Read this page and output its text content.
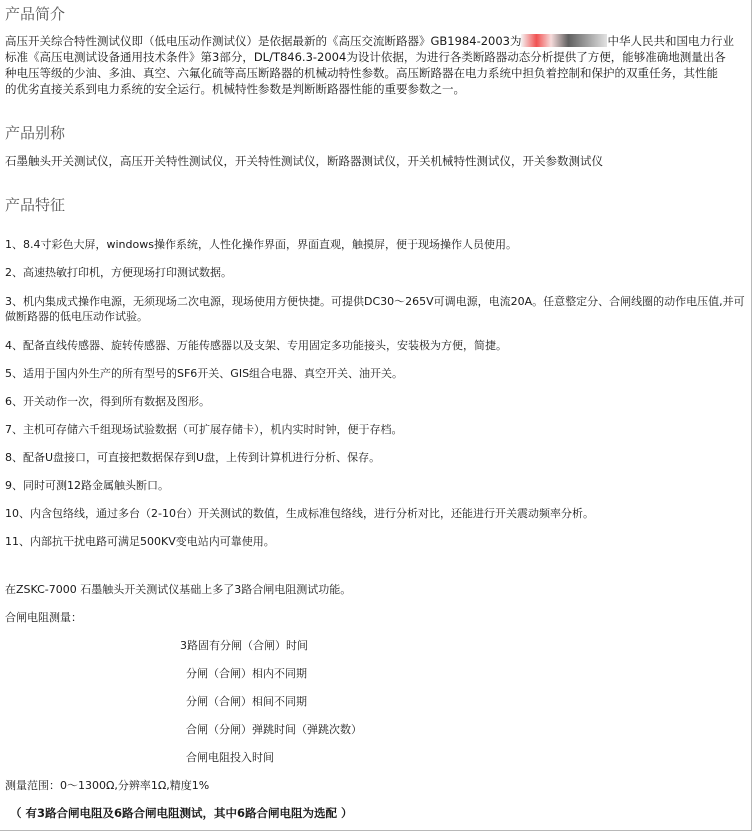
产品简介
高压开关综合特性测试仪即（低电压动作测试仪）是依据最新的《高压交流断路器》GB1984-2003为	中华人民共和国电力行业
标准《高压电测试设备通用技术条件》第3部分，DL/T846.3-2004为设计依据，为进行各类断路器动态分析提供了方便，能够准确地测量出各
种电压等级的少油、多油、真空、六氟化硫等高压断路器的机械动特性参数。高压断路器在电力系统中担负着控制和保护的双重任务，其性能
的优劣直接关系到电力系统的安全运行。机械特性参数是判断断路器性能的重要参数之一。
产品别称

石墨触头开关测试仪，高压开关特性测试仪，开关特性测试仪，断路器测试仪，开关机械特性测试仪，开关参数测试仪

产品特征

1、8.4寸彩色大屏，windows操作系统，人性化操作界面，界面直观，触摸屏，便于现场操作人员使用。

2、高速热敏打印机，方便现场打印测试数据。

3、机内集成式操作电源，无须现场二次电源，现场使用方便快捷。可提供DC30～265V可调电源，电流20A。任意整定分、合闸线圈的动作电压值,并可做断路器的低电压动作试验。

4、配备直线传感器、旋转传感器、万能传感器以及支架、专用固定多功能接头，安装极为方便，简捷。

5、适用于国内外生产的所有型号的SF6开关、GIS组合电器、真空开关、油开关。

6、开关动作一次，得到所有数据及图形。

7、主机可存储六千组现场试验数据（可扩展存储卡），机内实时时钟，便于存档。

8、配备U盘接口，可直接把数据保存到U盘，上传到计算机进行分析、保存。

9、同时可测12路金属触头断口。

10、内含包络线，通过多台（2-10台）开关测试的数值，生成标准包络线，进行分析对比，还能进行开关震动频率分析。

11、内部抗干扰电路可满足500KV变电站内可靠使用。

在ZSKC-7000 石墨触头开关测试仪基础上多了3路合闸电阻测试功能。

合闸电阻测量：

3路固有分闸（合闸）时间

分闸（合闸）相内不同期

分闸（合闸）相间不同期

合闸（分闸）弹跳时间（弹跳次数）

合闸电阻投入时间

测量范围：0～1300Ω,分辨率1Ω,精度1%

（ 有3路合闸电阻及6路合闸电阻测试，其中6路合闸电阻为选配 ）
